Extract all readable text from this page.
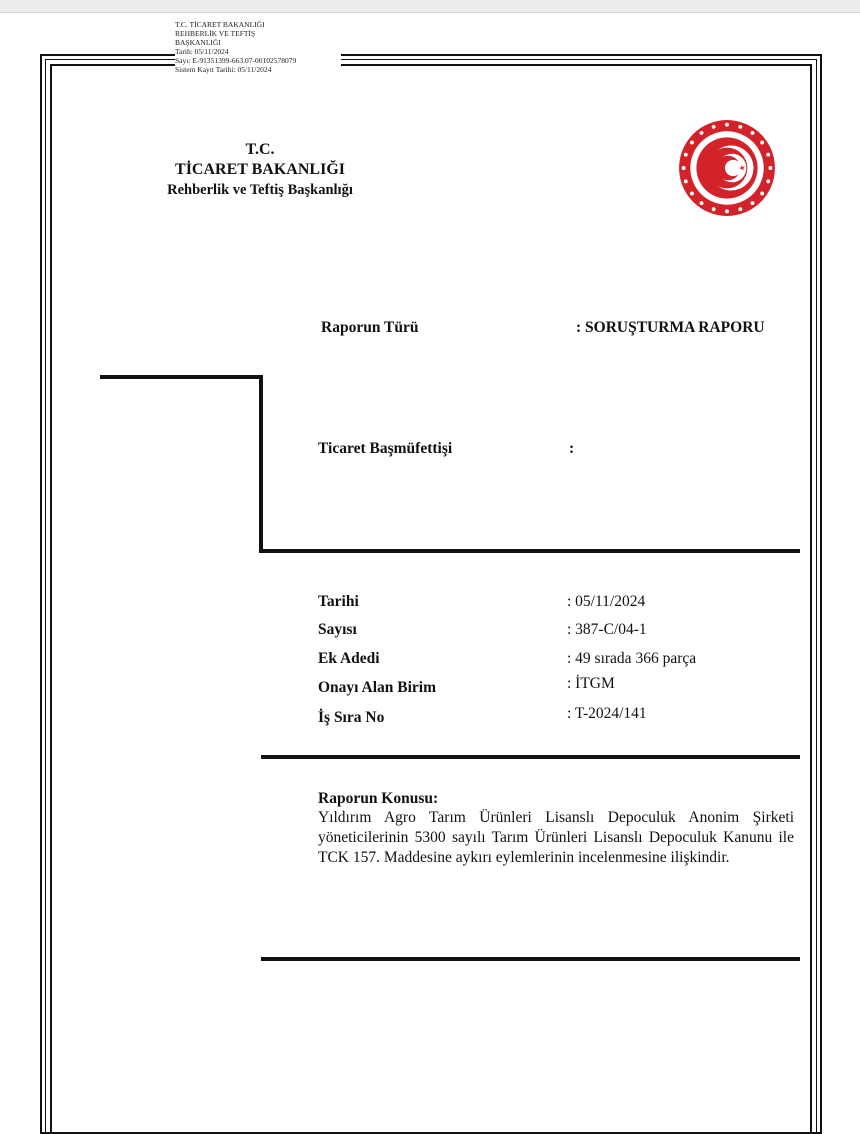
T.C. TİCARET BAKANLIĞI
REHBERLİK VE TEFTİŞ
BAŞKANLIĞI
Tarih: 05/11/2024
Sayı: E-91351399-663.07-00102578079
Sistem Kayıt Tarihi: 05/11/2024
T.C.
TİCARET BAKANLIĞI
Rehberlik ve Teftiş Başkanlığı
Raporun Türü	: SORUŞTURMA RAPORU
Ticaret Başmüfettişi	:
Tarihi	: 05/11/2024
Sayısı	: 387-C/04-1
Ek Adedi	: 49 sırada 366 parça
Onayı Alan Birim	: İTGM
İş Sıra No	: T-2024/141
Raporun Konusu:
Yıldırım Agro Tarım Ürünleri Lisanslı Depoculuk Anonim Şirketi yöneticilerinin 5300 sayılı Tarım Ürünleri Lisanslı Depoculuk Kanunu ile TCK 157. Maddesine aykırı eylemlerinin incelenmesine ilişkindir.
